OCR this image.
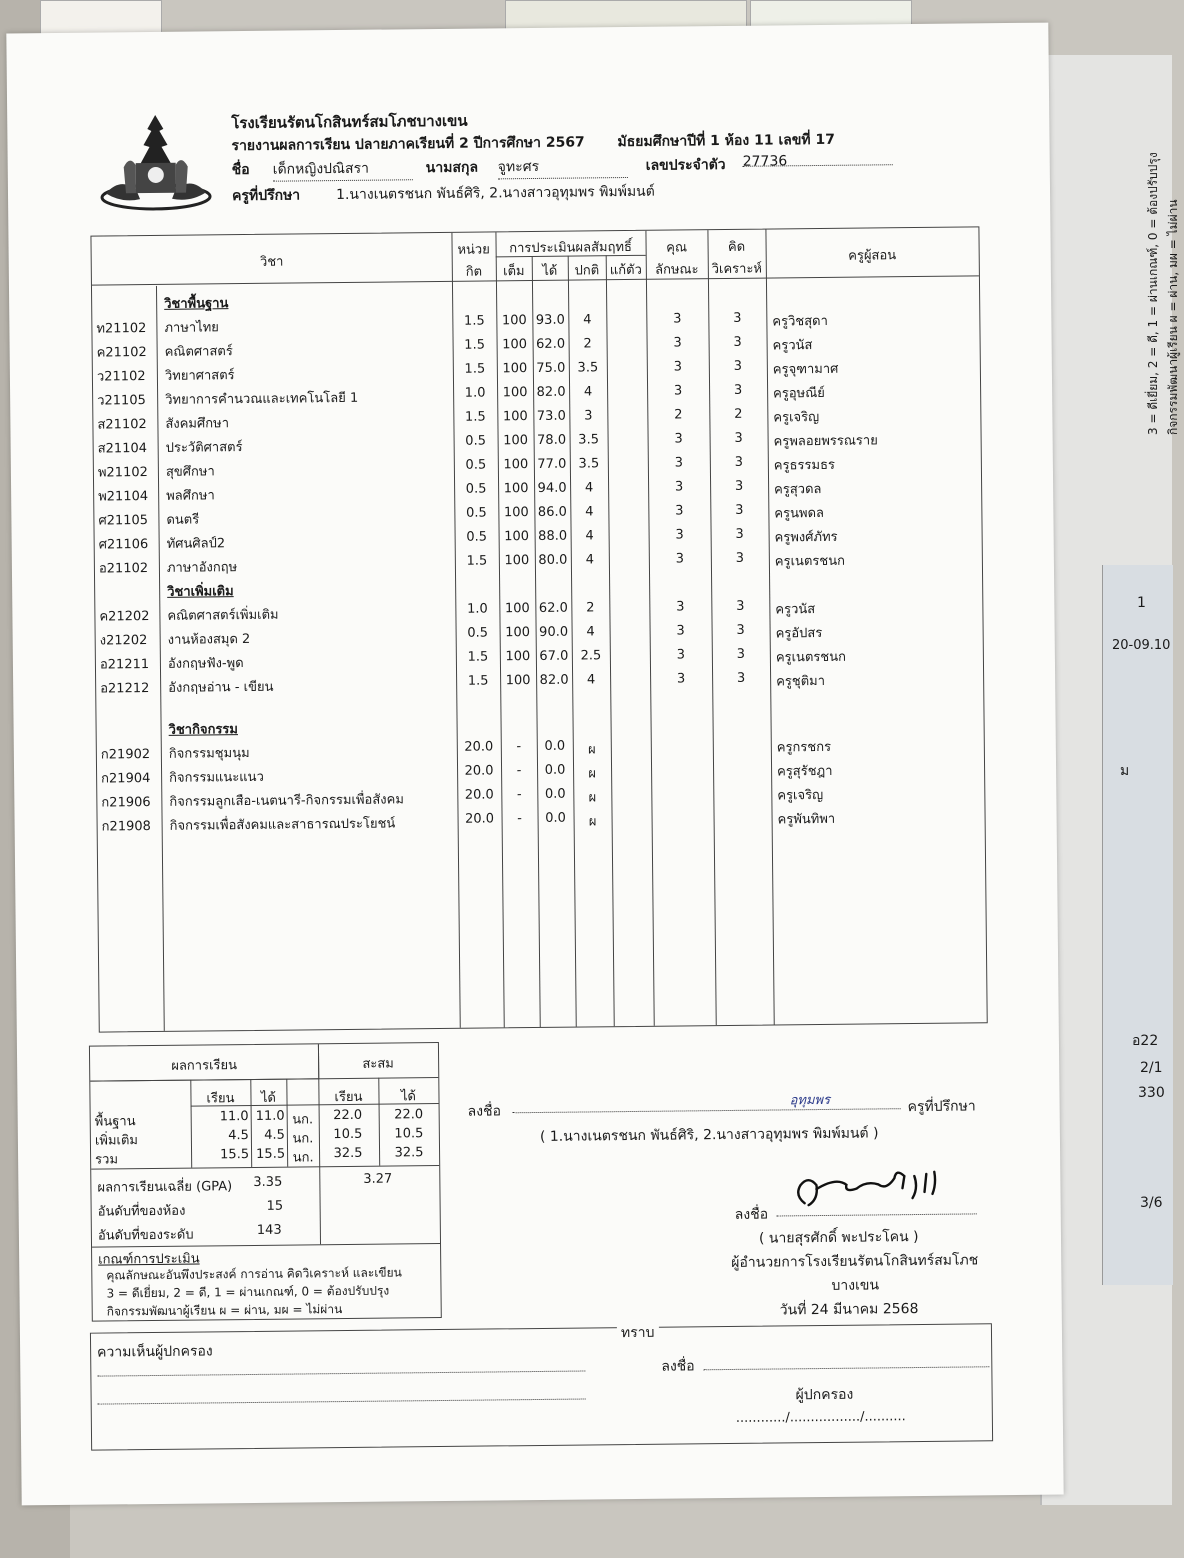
3 = ดีเยี่ยม, 2 = ดี, 1 = ผ่านเกณฑ์, 0 = ต้องปรับปรุง กิจกรรมพัฒนาผู้เรียน ผ = ผ่าน, มผ = ไม่ผ่าน
1
20-09.10
ม
อ22
2/1
330
3/6
โรงเรียนรัตนโกสินทร์สมโภชบางเขน
รายงานผลการเรียน ปลายภาคเรียนที่ 2 ปีการศึกษา 2567 มัธยมศึกษาปีที่ 1 ห้อง 11 เลขที่ 17
ชื่อ เด็กหญิงปณิสรา	นามสกุล จูทะศร	เลขประจำตัว 27736
ครูที่ปรึกษา	1.นางเนตรชนก พันธ์ศิริ, 2.นางสาวอุทุมพร พิมพ์มนต์
วิชา
หน่วย
กิต
การประเมินผลสัมฤทธิ์
เต็ม	ได้	ปกติ แก้ตัว
คุณ
ลักษณะ
คิด
วิเคราะห์
ครูผู้สอน
วิชาพื้นฐาน
ท21102	ภาษาไทย	1.5	100 93.0	4	3	3	ครูวิชสุดา
ค21102	คณิตศาสตร์	1.5	100 62.0	2	3	3	ครูวนัส
ว21102	วิทยาศาสตร์	1.5	100 75.0 3.5	3	3	ครูจุฑามาศ
ว21105	วิทยาการคำนวณและเทคโนโลยี 1	1.0	100 82.0	4	3	3	ครูอุษณีย์
ส21102	สังคมศึกษา	1.5	100 73.0	3	2	2	ครูเจริญ
ส21104	ประวัติศาสตร์	0.5	100 78.0 3.5	3	3	ครูพลอยพรรณราย
พ21102	สุขศึกษา	0.5	100 77.0 3.5	3	3	ครูธรรมธร
พ21104	พลศึกษา	0.5	100 94.0	4	3	3	ครูสุวดล
ศ21105	ดนตรี	0.5	100 86.0	4	3	3	ครูนพดล
ศ21106	ทัศนศิลป์2	0.5	100 88.0	4	3	3	ครูพงศ์ภัทร
อ21102	ภาษาอังกฤษ	1.5	100 80.0	4	3	3	ครูเนตรชนก
วิชาเพิ่มเติม
ค21202	คณิตศาสตร์เพิ่มเติม	1.0	100 62.0	2	3	3	ครูวนัส
ง21202	งานห้องสมุด 2	0.5	100 90.0	4	3	3	ครูอัปสร
อ21211	อังกฤษฟัง-พูด	1.5	100 67.0 2.5	3	3	ครูเนตรชนก
อ21212	อังกฤษอ่าน - เขียน	1.5	100 82.0	4	3	3	ครูชุติมา
วิชากิจกรรม
ก21902	กิจกรรมชุมนุม	20.0	-	0.0	ผ	ครูกรชกร
ก21904	กิจกรรมแนะแนว	20.0	-	0.0	ผ	ครูสุรัชฎา
ก21906	กิจกรรมลูกเสือ-เนตนารี-กิจกรรมเพื่อสังคม	20.0	-	0.0	ผ	ครูเจริญ
ก21908	กิจกรรมเพื่อสังคมและสาธารณประโยชน์	20.0	-	0.0	ผ	ครูพันทิพา
ผลการเรียน	สะสม
เรียน	ได้	เรียน	ได้
พื้นฐาน	11.0 11.0 นก.	22.0	22.0
เพิ่มเติม	4.5	4.5 นก.	10.5	10.5
รวม	15.5 15.5 นก.	32.5	32.5
ผลการเรียนเฉลี่ย (GPA) 3.35	3.27
อันดับที่ของห้อง	15
อันดับที่ของระดับ	143
เกณฑ์การประเมิน
คุณลักษณะอันพึงประสงค์ การอ่าน คิดวิเคราะห์ และเขียน
3 = ดีเยี่ยม, 2 = ดี, 1 = ผ่านเกณฑ์, 0 = ต้องปรับปรุง
กิจกรรมพัฒนาผู้เรียน ผ = ผ่าน, มผ = ไม่ผ่าน
ลงชื่อ
อุทุมพร	ครูที่ปรึกษา
( 1.นางเนตรชนก พันธ์ศิริ, 2.นางสาวอุทุมพร พิมพ์มนต์ )
ลงชื่อ
( นายสุรศักดิ์ พะประโคน )
ผู้อำนวยการโรงเรียนรัตนโกสินทร์สมโภช
บางเขน
วันที่ 24 มีนาคม 2568
ความเห็นผู้ปกครอง
ทราบ
ลงชื่อ
ผู้ปกครอง
............/................./..........
